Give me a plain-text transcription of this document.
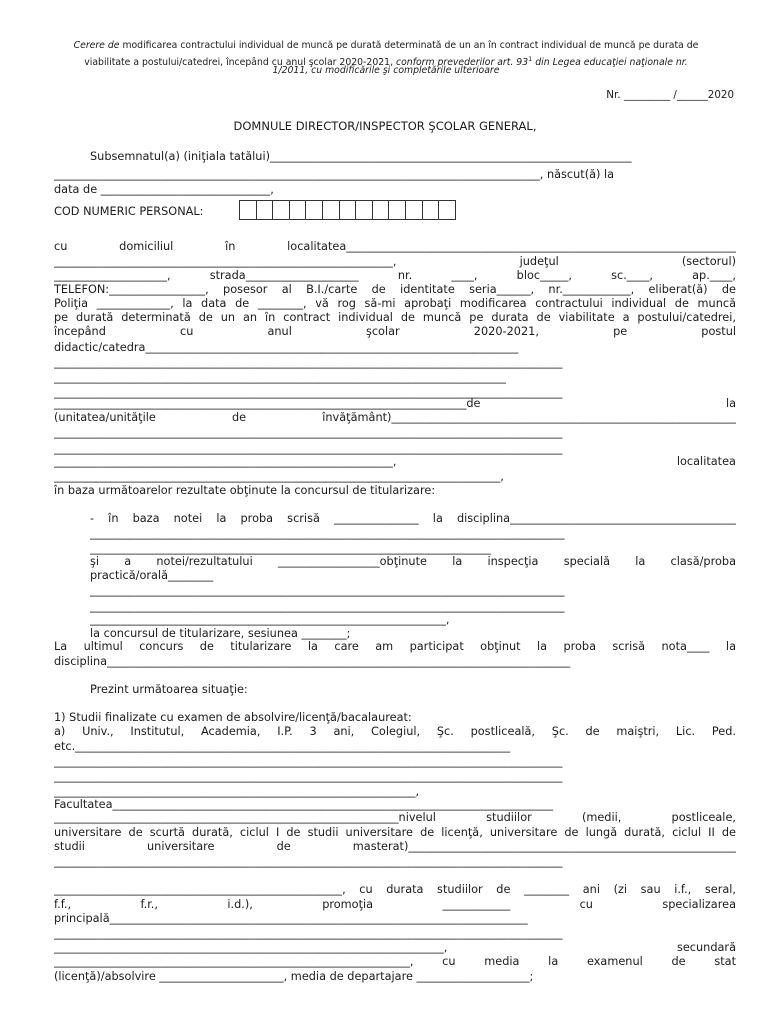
Cerere de modificarea contractului individual de muncă pe durată determinată de un an în contract individual de muncă pe durata de
viabilitate a postului/catedrei, începând cu anul şcolar 2020-2021, conform prevederilor art. $93^1$ din Legea educaţiei naţionale nr.
1/2011, cu modificările şi completările ulterioare
Nr. _________ /______2020
DOMNULE DIRECTOR/INSPECTOR ŞCOLAR GENERAL,
Subsemnatul(a) (iniţiala tatălui)________________________________________________________________
______________________________________________________________________________________, născut(ă) la
data de ______________________________,
COD NUMERIC PERSONAL:
cu domiciliul în localitatea_____________________________________________________________________
____________________________________________________________, judeţul (sectorul)
____________________, strada____________________ nr. ____, bloc_____, sc.____, ap.____,
TELEFON:_________________, posesor al B.I./carte de identitate seria______, nr.____________, eliberat(ă) de
Poliţia _____________, la data de ________, vă rog să-mi aprobaţi modificarea contractului individual de muncă
pe durată determinată de un an în contract individual de muncă pe durata de viabilitate a postului/catedrei,
începând cu anul şcolar 2020-2021, pe postul
didactic/catedra__________________________________________________________________
__________________________________________________________________________________________
________________________________________________________________________________
__________________________________________________________________________________________
_________________________________________________________________________de la
(unitatea/unităţile de învăţământ)_____________________________________________________________
__________________________________________________________________________________________
__________________________________________________________________________________________
____________________________________________________________, localitatea
_______________________________________________________________________________,
în baza următoarelor rezultate obţinute la concursul de titularizare:
- în baza notei la proba scrisă _______________ la disciplina________________________________________
____________________________________________________________________________________
_______________________________________________________________________
şi a notei/rezultatului __________________obţinute la inspecţia specială la clasă/proba
practică/orală________
____________________________________________________________________________________
____________________________________________________________________________________
_______________________________________________________________,
la concursul de titularizare, sesiunea ________;
La ultimul concurs de titularizare la care am participat obţinut la proba scrisă nota____ la
disciplina__________________________________________________________________________________
Prezint următoarea situaţie:
1) Studii finalizate cu examen de absolvire/licenţă/bacalaureat:
a) Univ., Institutul, Academia, I.P. 3 ani, Colegiul, Şc. postliceală, Şc. de maiştri, Lic. Ped.
etc._____________________________________________________________________________
__________________________________________________________________________________________
__________________________________________________________________________________________
________________________________________________________________,
Facultatea______________________________________________________________________________
_____________________________________________________________nivelul studiilor (medii, postliceale,
universitare de scurtă durată, ciclul I de studii universitare de licenţă, universitare de lungă durată, ciclul II de
studii universitare de masterat)__________________________________________________________
__________________________________________________________________________________________
___________________________________________________, cu durata studiilor de ________ ani (zi sau i.f., seral,
f.f., f.r., i.d.), promoţia ____________ cu specializarea
principală__________________________________________________________________________
__________________________________________________________________________________________
_____________________________________________________________________, secundară
_______________________________________________________________, cu media la examenul de stat
(licenţă)/absolvire ______________________, media de departajare ____________________;
